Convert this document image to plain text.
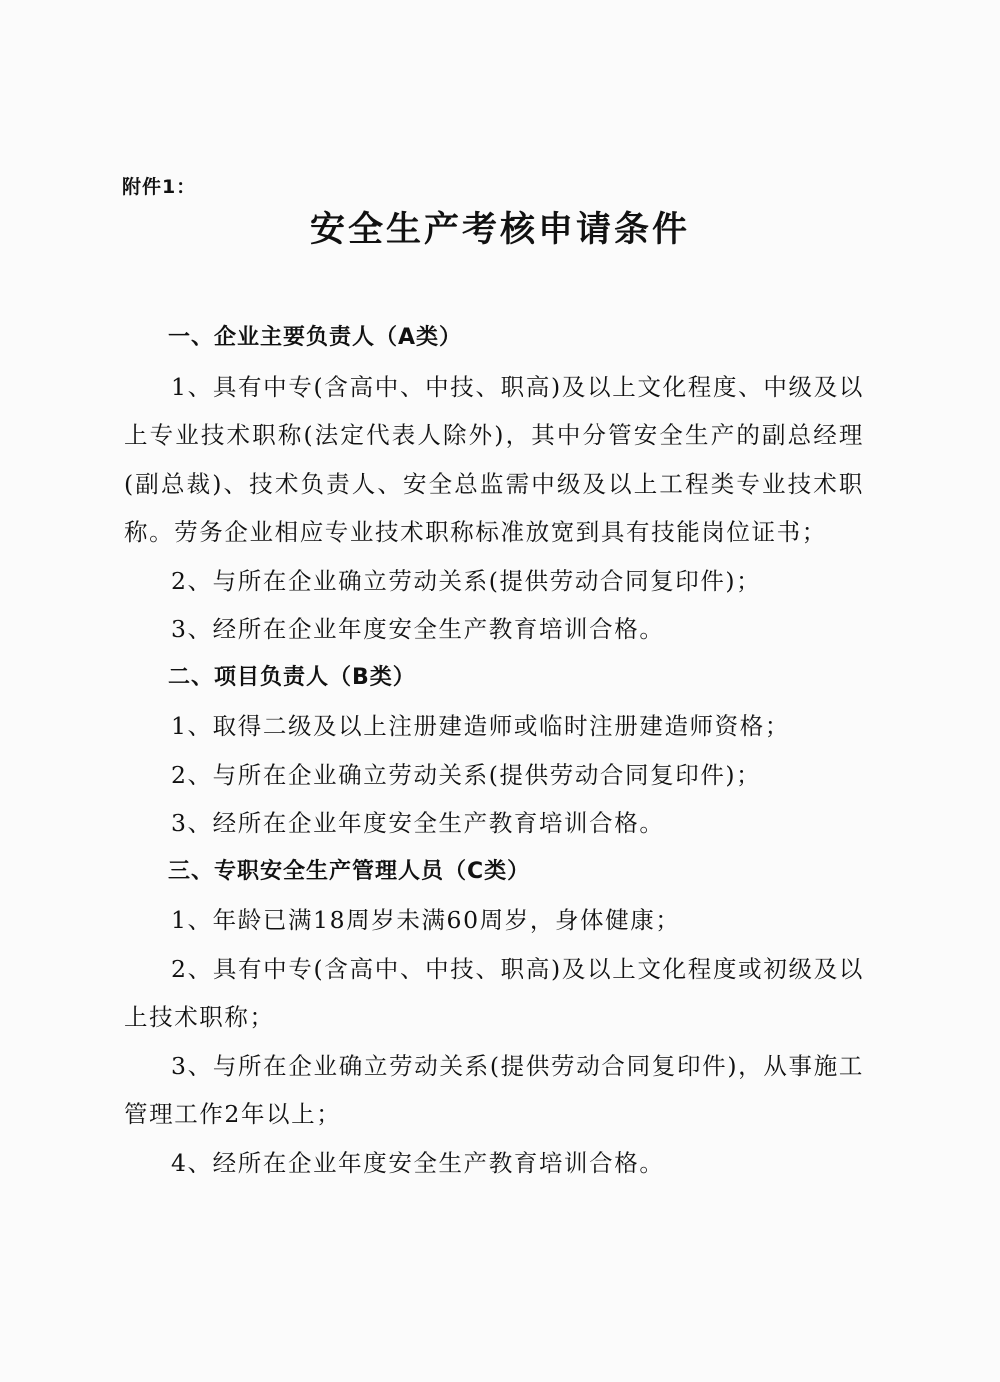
附件1：
安全生产考核申请条件

一、企业主要负责人（A类）

1、具有中专(含高中、中技、职高)及以上文化程度、中级及以上专业技术职称(法定代表人除外)，其中分管安全生产的副总经理(副总裁)、技术负责人、安全总监需中级及以上工程类专业技术职称。劳务企业相应专业技术职称标准放宽到具有技能岗位证书；

2、与所在企业确立劳动关系(提供劳动合同复印件)；

3、经所在企业年度安全生产教育培训合格。

二、项目负责人（B类）

1、取得二级及以上注册建造师或临时注册建造师资格；

2、与所在企业确立劳动关系(提供劳动合同复印件)；

3、经所在企业年度安全生产教育培训合格。

三、专职安全生产管理人员（C类）

1、年龄已满18周岁未满60周岁，身体健康；

2、具有中专(含高中、中技、职高)及以上文化程度或初级及以上技术职称；

3、与所在企业确立劳动关系(提供劳动合同复印件)，从事施工管理工作2年以上；

4、经所在企业年度安全生产教育培训合格。
